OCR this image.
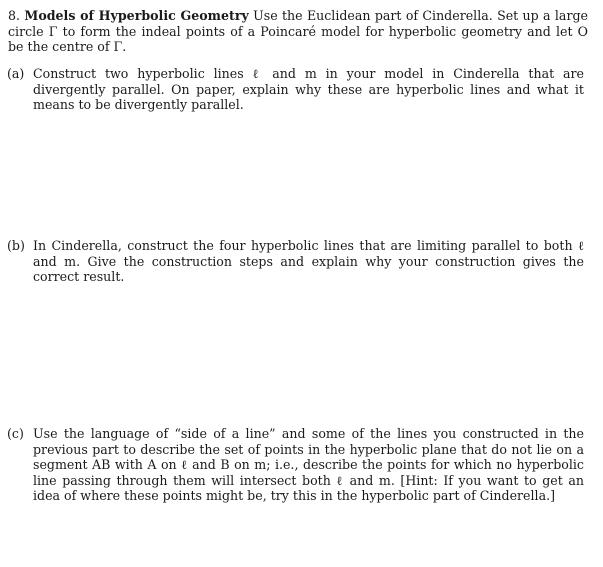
8. Models of Hyperbolic Geometry Use the Euclidean part of Cinderella. Set up a large circle Γ to form the indeal points of a Poincaré model for hyperbolic geometry and let O be the centre of Γ.
(a) Construct two hyperbolic lines ℓ and m in your model in Cinderella that are divergently parallel. On paper, explain why these are hyperbolic lines and what it means to be divergently parallel.
(b) In Cinderella, construct the four hyperbolic lines that are limiting parallel to both ℓ and m. Give the construction steps and explain why your construction gives the correct result.
(c) Use the language of “side of a line” and some of the lines you constructed in the previous part to describe the set of points in the hyperbolic plane that do not lie on a segment AB with A on ℓ and B on m; i.e., describe the points for which no hyperbolic line passing through them will intersect both ℓ and m. [Hint: If you want to get an idea of where these points might be, try this in the hyperbolic part of Cinderella.]
